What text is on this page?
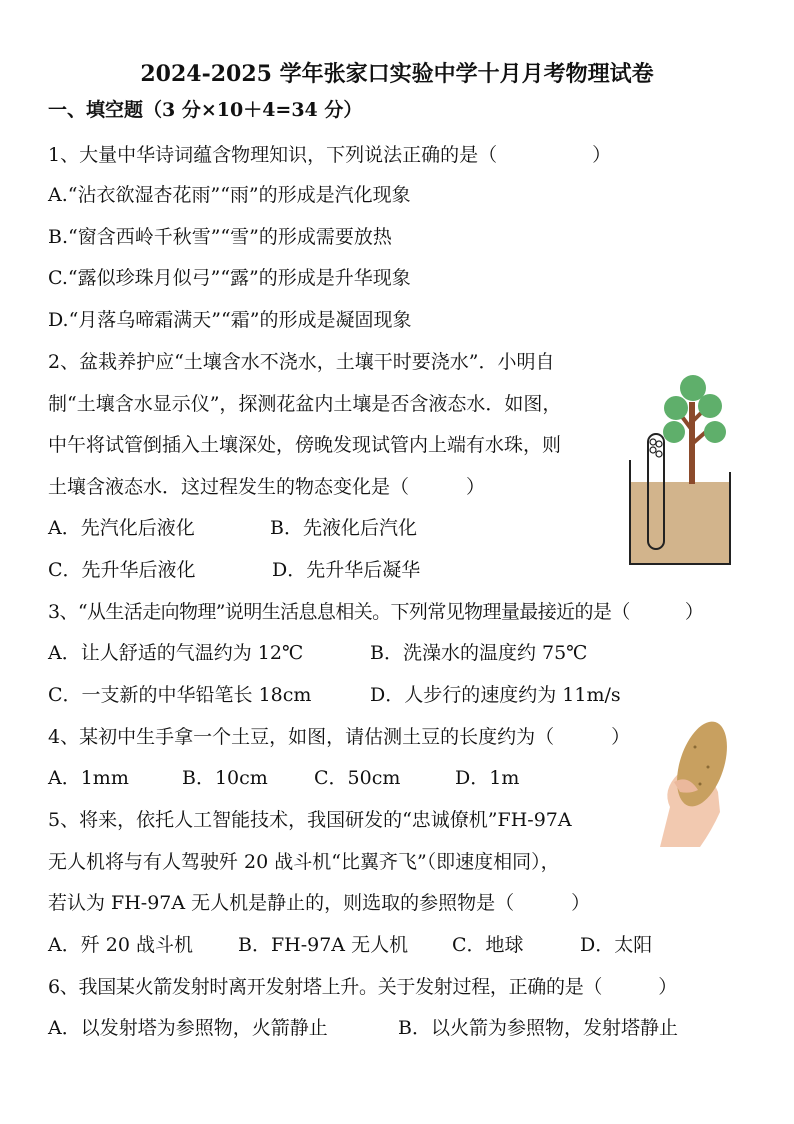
2024-2025 学年张家口实验中学十月月考物理试卷
一、填空题（3 分×10＋4=34 分）
1、大量中华诗词蕴含物理知识，下列说法正确的是（　　　　　）
A.“沾衣欲湿杏花雨”“雨”的形成是汽化现象
B.“窗含西岭千秋雪”“雪”的形成需要放热
C.“露似珍珠月似弓”“露”的形成是升华现象
D.“月落乌啼霜满天”“霜”的形成是凝固现象
2、盆栽养护应“土壤含水不浇水，土壤干时要浇水”．小明自
制“土壤含水显示仪”，探测花盆内土壤是否含液态水．如图，
中午将试管倒插入土壤深处，傍晚发现试管内上端有水珠，则
土壤含液态水．这过程发生的物态变化是（　　　）
A．先汽化后液化	B．先液化后汽化
C．先升华后液化	D．先升华后凝华
3、“从生活走向物理”说明生活息息相关。下列常见物理量最接近的是（　　　）
A．让人舒适的气温约为 12℃	B．洗澡水的温度约 75℃
C．一支新的中华铅笔长 18cm	D．人步行的速度约为 11m/s
4、某初中生手拿一个土豆，如图，请估测土豆的长度约为（　　　）
A．1mm	B．10cm C．50cm	D．1m
5、将来，依托人工智能技术，我国研发的“忠诚僚机”FH-97A
无人机将与有人驾驶歼 20 战斗机“比翼齐飞”（即速度相同），
若认为 FH-97A 无人机是静止的，则选取的参照物是（　　　）
A．歼 20 战斗机 B．FH-97A 无人机 C．地球	D．太阳
6、我国某火箭发射时离开发射塔上升。关于发射过程，正确的是（　　　）
A．以发射塔为参照物，火箭静止	B．以火箭为参照物，发射塔静止
